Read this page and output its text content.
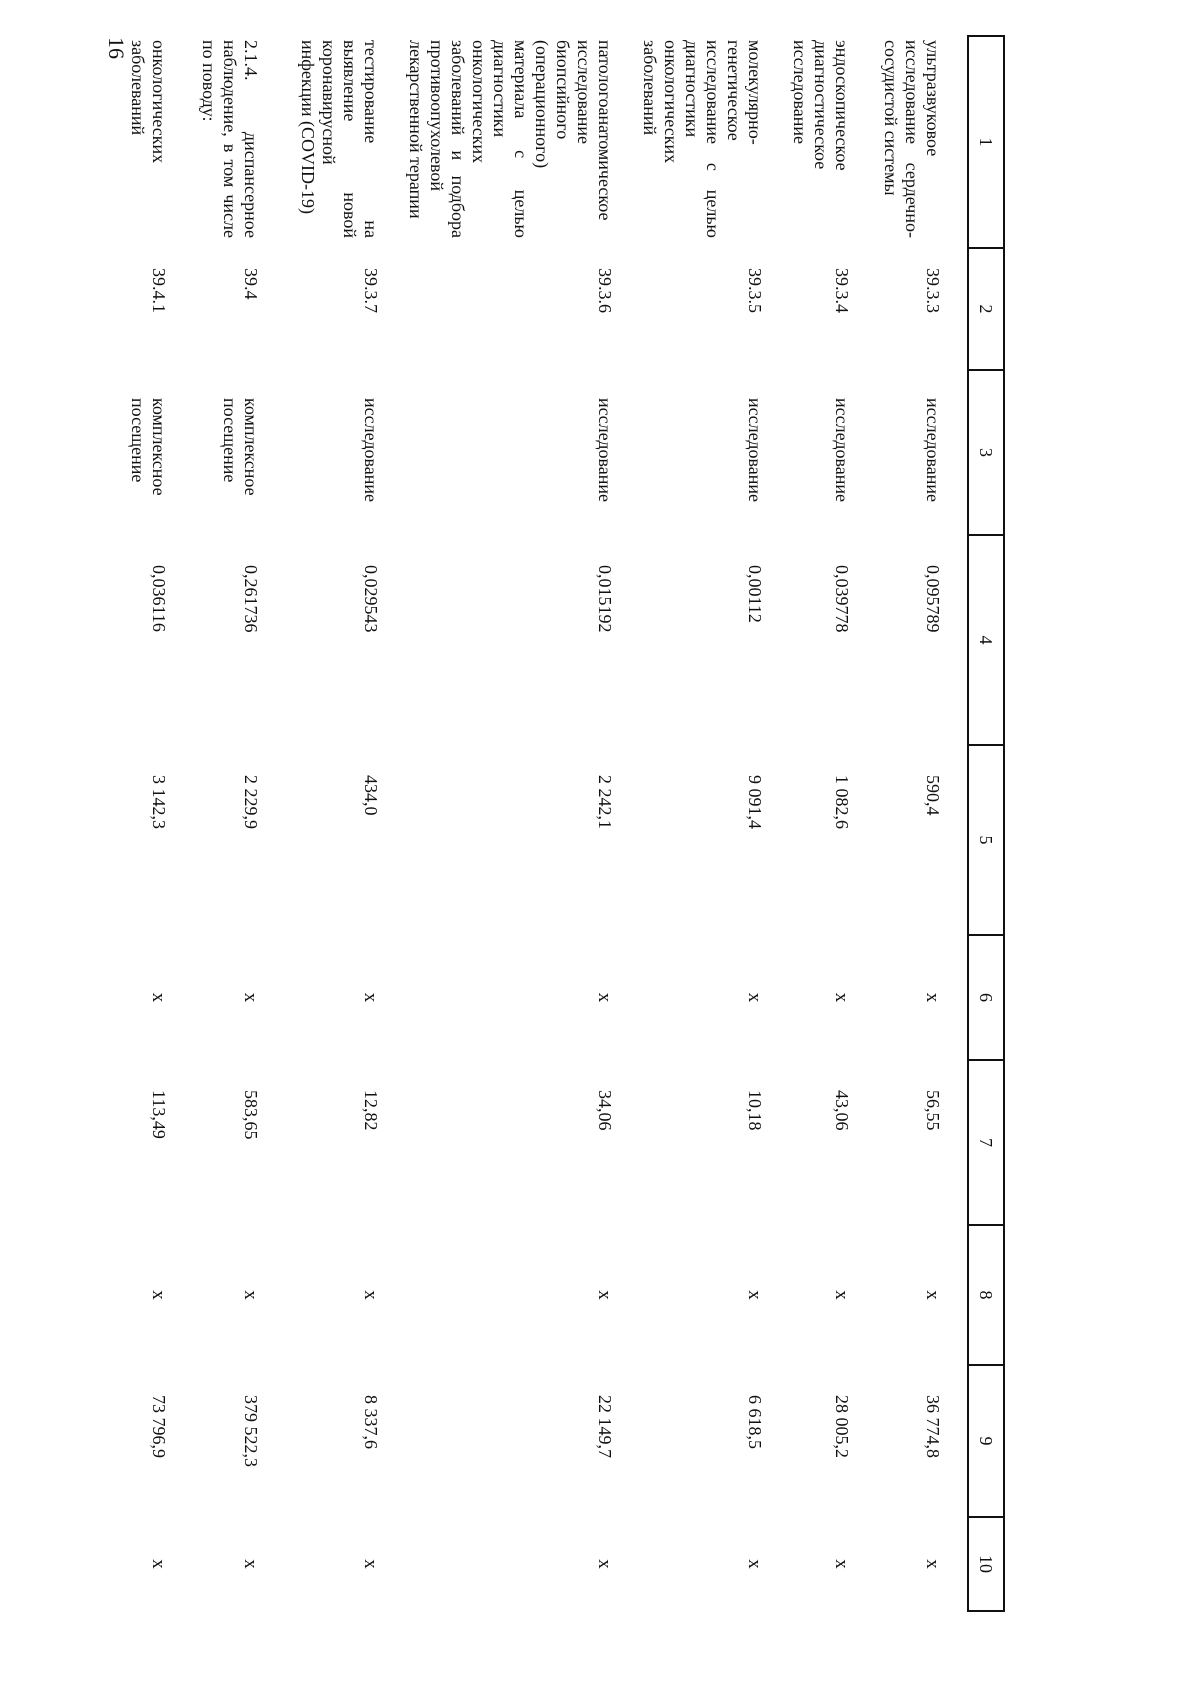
16
1	2	3	4	5	6	7	8	9	10
ультразвуковое исследование сердечно-сосудистой системы	39.3.3	исследование	0,095789	590,4	x	56,55	x	36 774,8	x
эндоскопическое диагностическое исследование	39.3.4	исследование	0,039778	1 082,6	x	43,06	x	28 005,2	x
молекулярно-генетическое исследование с целью диагностики онкологических заболеваний	39.3.5	исследование	0,00112	9 091,4	x	10,18	x	6 618,5	x
патологоанатомическое исследование биопсийного (операционного) материала с целью диагностики онкологических заболеваний и подбора противоопухолевой лекарственной терапии	39.3.6	исследование	0,015192	2 242,1	x	34,06	x	22 149,7	x
тестирование на выявление новой коронавирусной инфекции (COVID-19)	39.3.7	исследование	0,029543	434,0	x	12,82	x	8 337,6	x
2.1.4. диспансерное наблюдение, в том числе по поводу:	39.4	комплексное посещение	0,261736	2 229,9	x	583,65	x	379 522,3	x
онкологических заболеваний	39.4.1	комплексное посещение	0,036116	3 142,3	x	113,49	x	73 796,9	x
